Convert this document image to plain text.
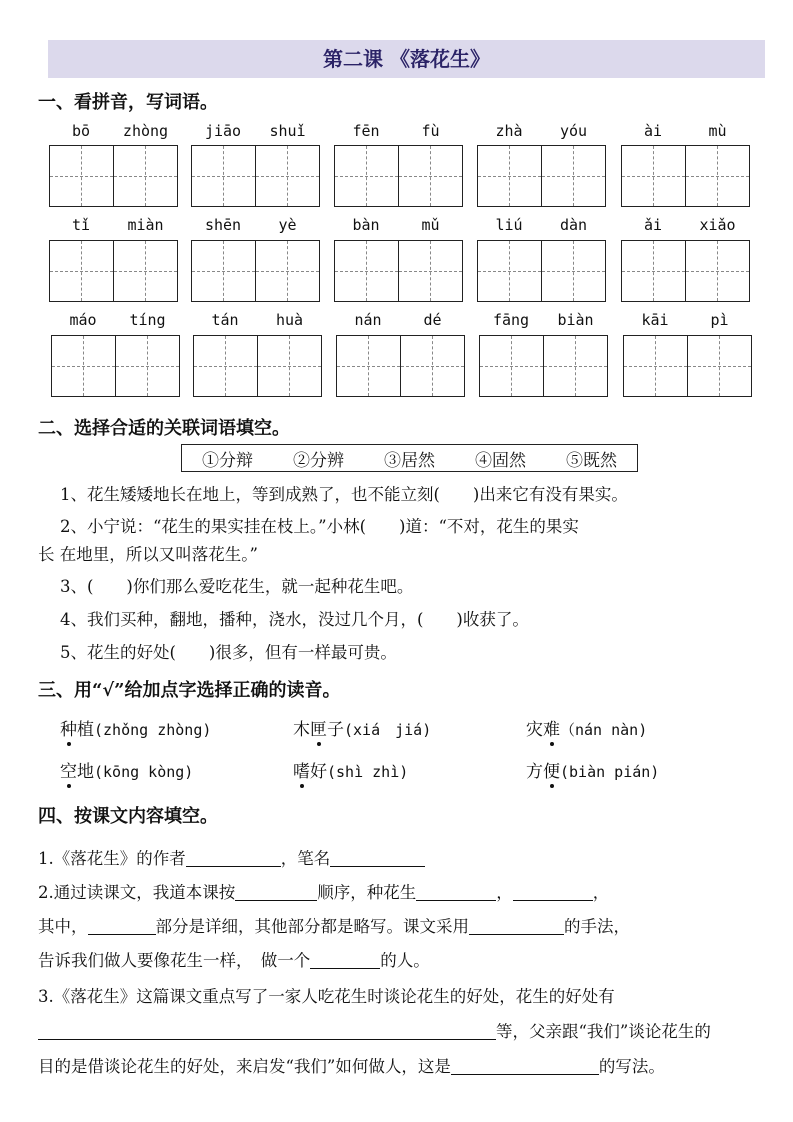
第二课 《落花生》
一、看拼音，写词语。
bō	zhòng	jiāo	shuǐ	fēn	fù	zhà	yóu	ài	mù
tǐ	miàn	shēn	yè	bàn	mǔ	liú	dàn	ǎi	xiǎo
máo	tíng	tán	huà	nán	dé	fāng	biàn	kāi	pì
二、选择合适的关联词语填空。
①分辩 ②分辨 ③居然 ④固然 ⑤既然
1、花生矮矮地长在地上，等到成熟了，也不能立刻(　　)出来它有没有果实。
2、小宁说：“花生的果实挂在枝上。”小林(　　)道：“不对，花生的果实
长 在地里，所以又叫落花生。”
3、(　　)你们那么爱吃花生，就一起种花生吧。
4、我们买种，翻地，播种，浇水，没过几个月，(　　)收获了。
5、花生的好处(　　)很多，但有一样最可贵。
三、用“√”给加点字选择正确的读音。
种植(zhǒng zhòng)	木匣子(xiá　jiá)	灾难（nán nàn)
空地(kōng kòng)	嗜好(shì zhì)	方便(biàn pián)
四、按课文内容填空。
1.《落花生》的作者	，笔名
2.通过读课文，我道本课按	顺序，种花生	，	，
其中，	部分是详细，其他部分都是略写。课文采用	的手法，
告诉我们做人要像花生一样，　做一个	的人。
3.《落花生》这篇课文重点写了一家人吃花生时谈论花生的好处，花生的好处有
等，父亲跟“我们”谈论花生的
目的是借谈论花生的好处，来启发“我们”如何做人，这是	的写法。
